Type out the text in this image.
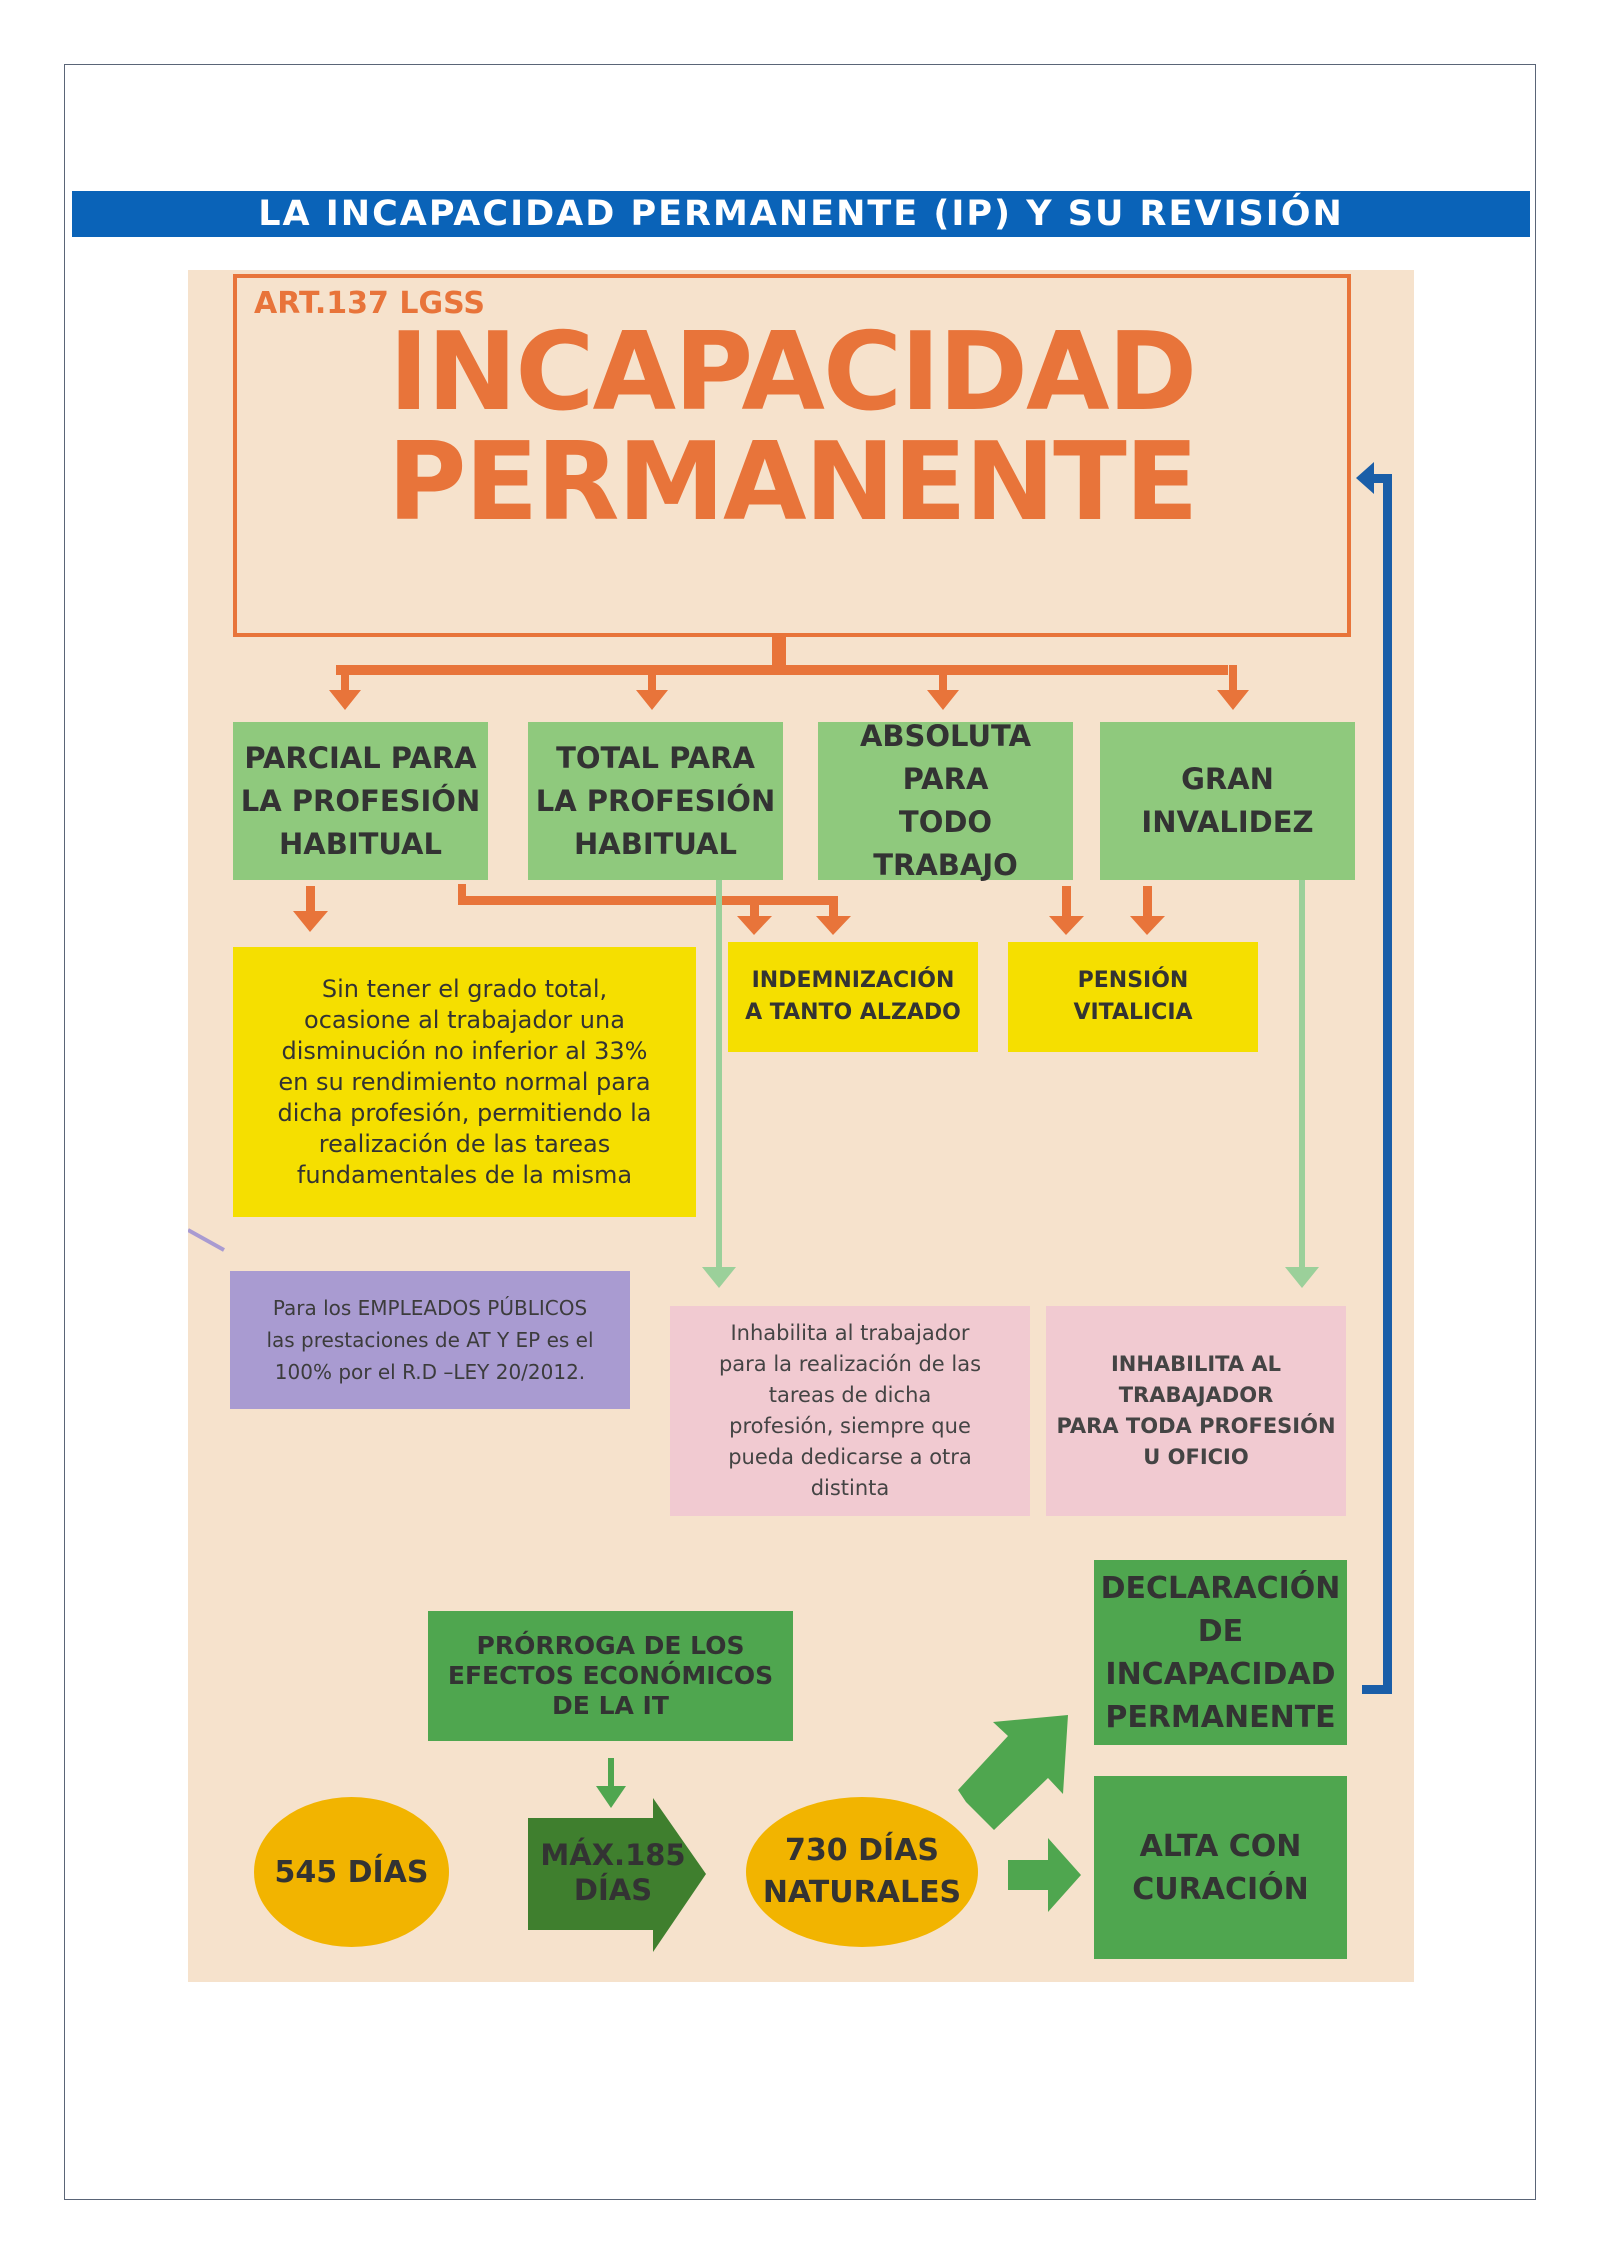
LA INCAPACIDAD PERMANENTE (IP) Y SU REVISIÓN
ART.137 LGSS
INCAPACIDAD
PERMANENTE
PARCIAL PARA
LA PROFESIÓN
HABITUAL
TOTAL PARA
LA PROFESIÓN
HABITUAL
ABSOLUTA
PARA
TODO TRABAJO
GRAN
INVALIDEZ
Sin tener el grado total,
ocasione al trabajador una
disminución no inferior al 33%
en su rendimiento normal para
dicha profesión, permitiendo la
realización de las tareas
fundamentales de la misma
INDEMNIZACIÓN
A TANTO ALZADO
PENSIÓN
VITALICIA
Para los EMPLEADOS PÚBLICOS
las prestaciones de AT Y EP es el
100% por el R.D –LEY 20/2012.
Inhabilita al trabajador
para la realización de las
tareas de dicha
profesión, siempre que
pueda dedicarse a otra
distinta
INHABILITA AL
TRABAJADOR
PARA TODA PROFESIÓN
U OFICIO
PRÓRROGA DE LOS
EFECTOS ECONÓMICOS
DE LA IT
545 DÍAS
730 DÍAS
NATURALES
DECLARACIÓN
DE
INCAPACIDAD
PERMANENTE
ALTA CON
CURACIÓN
MÁX.185
DÍAS
